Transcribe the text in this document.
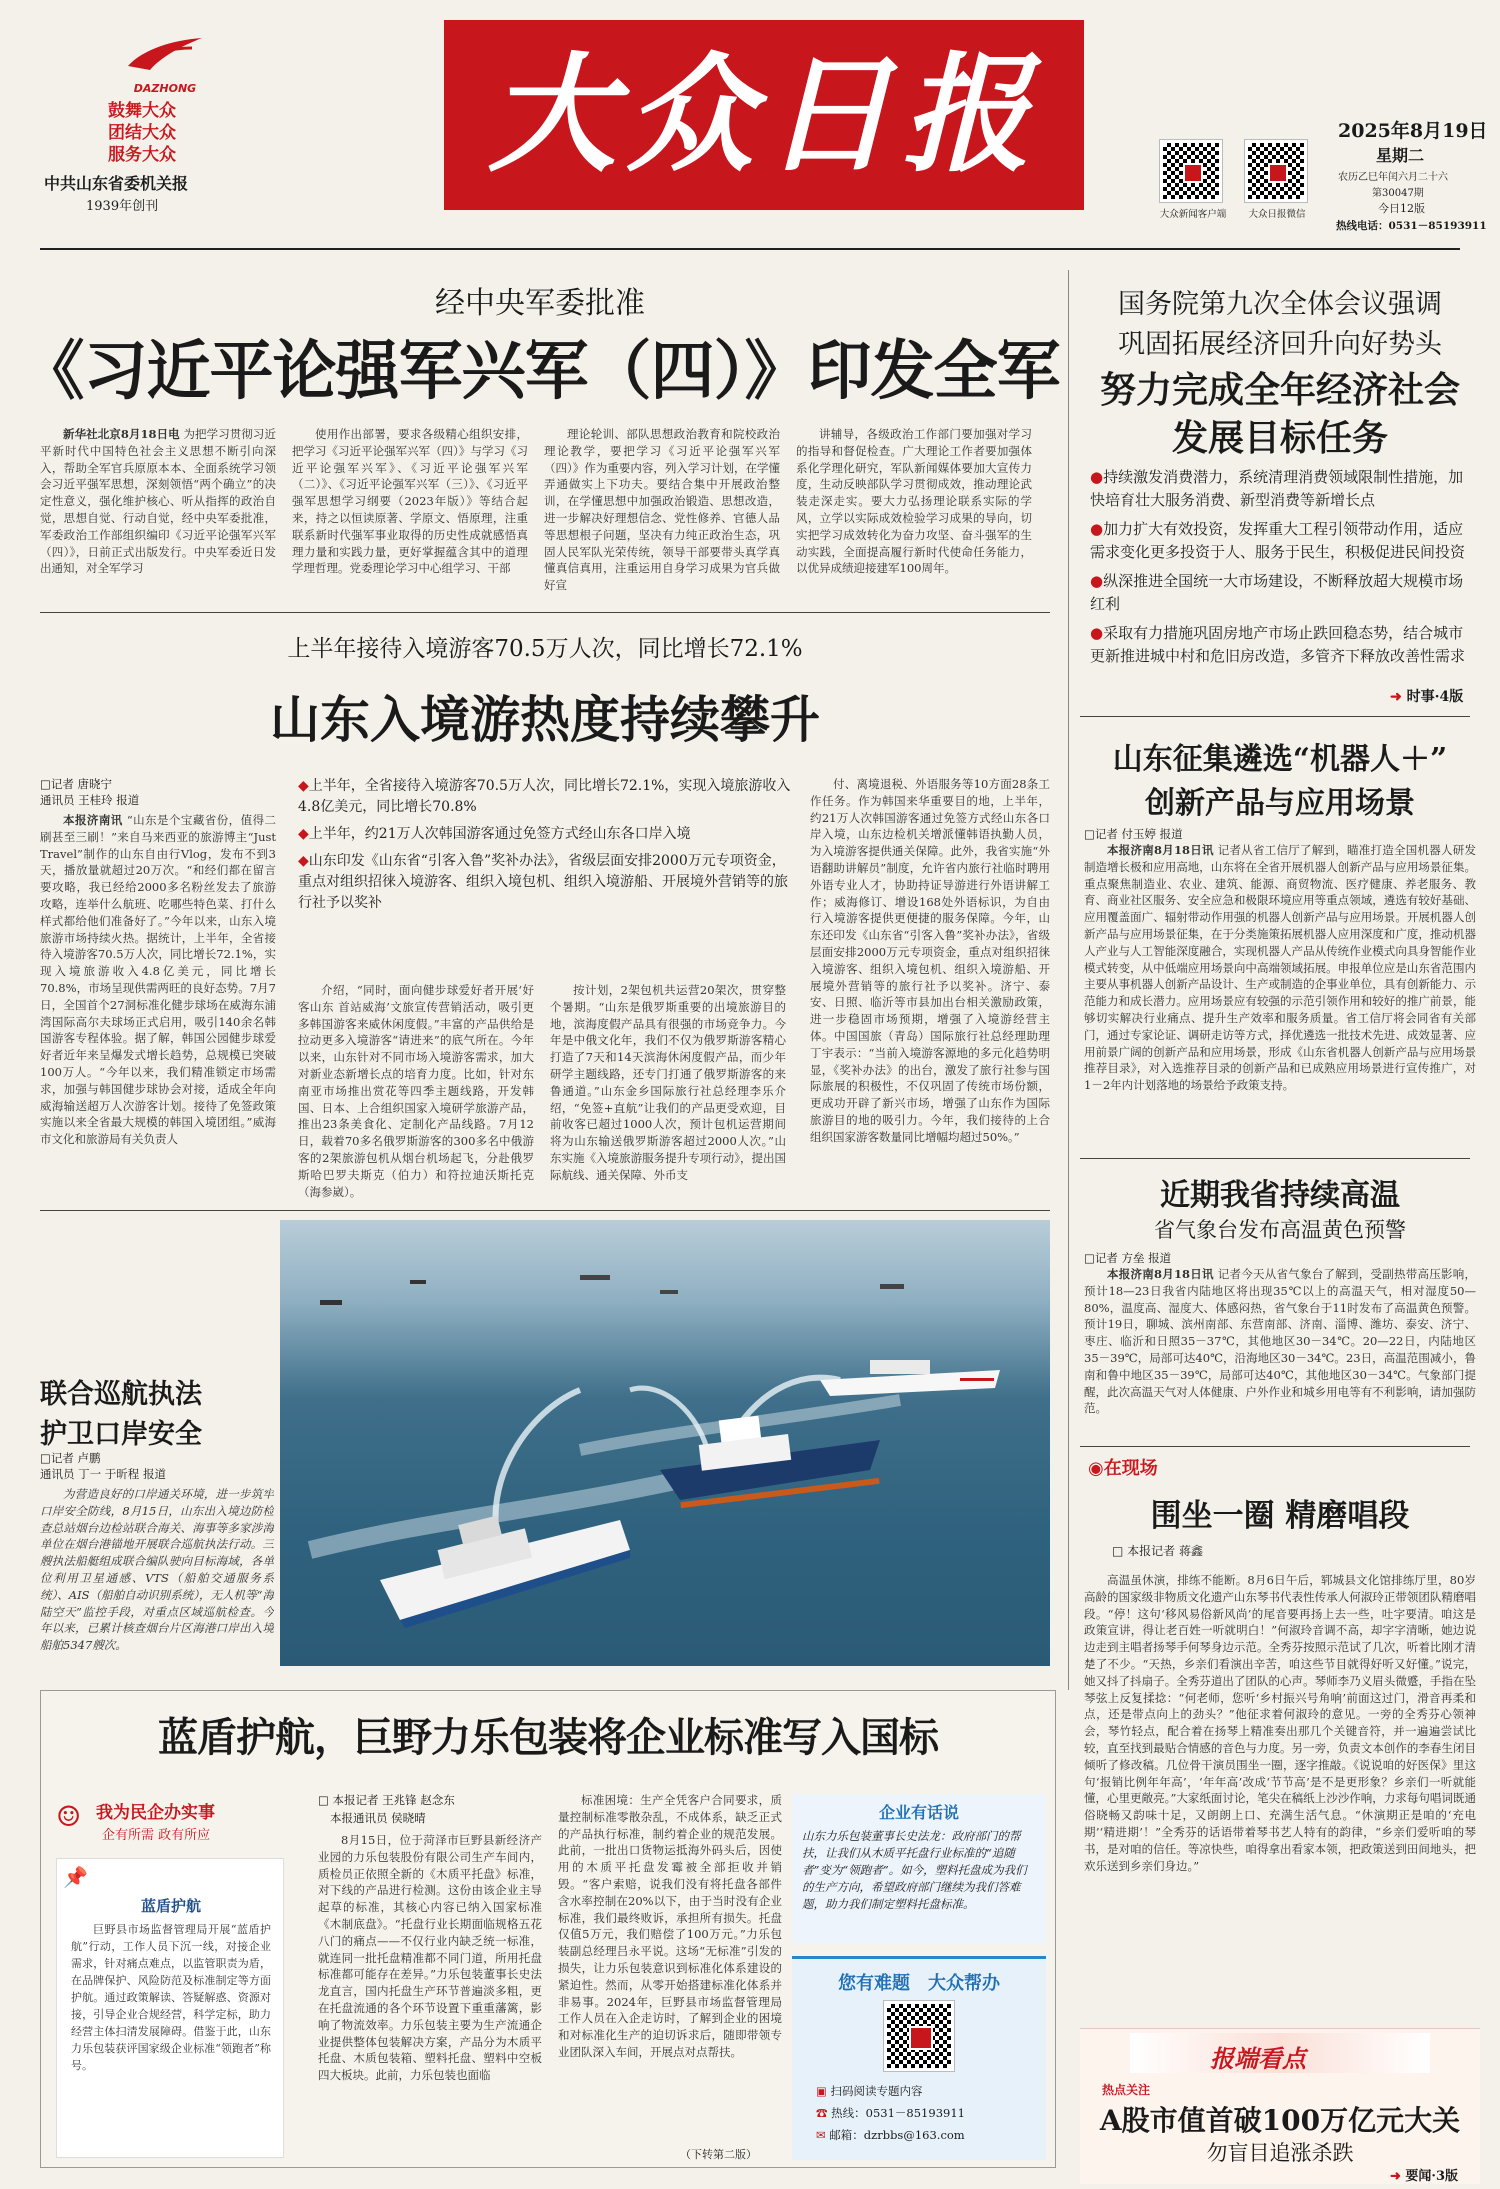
DAZHONG
鼓舞大众
团结大众
服务大众
中共山东省委机关报
1939年创刊
大众日报
大众新闻客户端	大众日报微信
2025年8月19日
星期二
农历乙巳年闰六月二十六
第30047期
今日12版
热线电话：0531－85193911
经中央军委批准
《习近平论强军兴军（四）》印发全军

新华社北京8月18日电 为把学习贯彻习近平新时代中国特色社会主义思想不断引向深入，帮助全军官兵原原本本、全面系统学习领会习近平强军思想，深刻领悟“两个确立”的决定性意义，强化维护核心、听从指挥的政治自觉，思想自觉、行动自觉，经中央军委批准，军委政治工作部组织编印《习近平论强军兴军（四）》，日前正式出版发行。中央军委近日发出通知，对全军学习

使用作出部署，要求各级精心组织安排，把学习《习近平论强军兴军（四）》与学习《习近平论强军兴军》、《习近平论强军兴军（二）》、《习近平论强军兴军（三）》、《习近平强军思想学习纲要（2023年版）》等结合起来，持之以恒读原著、学原文、悟原理，注重联系新时代强军事业取得的历史性成就感悟真理力量和实践力量，更好掌握蕴含其中的道理学理哲理。党委理论学习中心组学习、干部

理论轮训、部队思想政治教育和院校政治理论教学，要把学习《习近平论强军兴军（四）》作为重要内容，列入学习计划，在学懂弄通做实上下功夫。要结合集中开展政治整训，在学懂思想中加强政治锻造、思想改造，进一步解决好理想信念、党性修养、官德人品等思想根子问题，坚决有力纯正政治生态，巩固人民军队光荣传统，领导干部要带头真学真懂真信真用，注重运用自身学习成果为官兵做好宣

讲辅导，各级政治工作部门要加强对学习的指导和督促检查。广大理论工作者要加强体系化学理化研究，军队新闻媒体要加大宣传力度，生动反映部队学习贯彻成效，推动理论武装走深走实。要大力弘扬理论联系实际的学风，立学以实际成效检验学习成果的导向，切实把学习成效转化为奋力攻坚、奋斗强军的生动实践，全面提高履行新时代使命任务能力，以优异成绩迎接建军100周年。

国务院第九次全体会议强调
巩固拓展经济回升向好势头
努力完成全年经济社会
发展目标任务
●持续激发消费潜力，系统清理消费领域限制性措施，加快培育壮大服务消费、新型消费等新增长点
●加力扩大有效投资，发挥重大工程引领带动作用，适应需求变化更多投资于人、服务于民生，积极促进民间投资
●纵深推进全国统一大市场建设，不断释放超大规模市场红利
●采取有力措施巩固房地产市场止跌回稳态势，结合城市更新推进城中村和危旧房改造，多管齐下释放改善性需求
➜ 时事·4版
上半年接待入境游客70.5万人次，同比增长72.1%
山东入境游热度持续攀升
□记者 唐晓宁
通讯员 王桂玲 报道

本报济南讯 “山东是个宝藏省份，值得二刷甚至三刷！”来自马来西亚的旅游博主“Just Travel”制作的山东自由行Vlog，发布不到3天，播放量就超过20万次。“和经们都在留言要攻略，我已经给2000多名粉丝发去了旅游攻略，连举什么航班、吃哪些特色菜、打什么样式都给他们准备好了。”今年以来，山东入境旅游市场持续火热。据统计，上半年，全省接待入境游客70.5万人次，同比增长72.1%，实现入境旅游收入4.8亿美元，同比增长70.8%，市场呈现供需两旺的良好态势。7月7日，全国首个27洞标准化健步球场在威海东浦湾国际高尔夫球场正式启用，吸引140余名韩国游客专程体验。据了解，韩国公园健步球爱好者近年来呈爆发式增长趋势，总规模已突破100万人。“今年以来，我们精准锁定市场需求，加强与韩国健步球协会对接，适成全年向威海输送超万人次游客计划。接待了免签政策实施以来全省最大规模的韩国入境团组。”威海市文化和旅游局有关负责人

◆上半年，全省接待入境游客70.5万人次，同比增长72.1%，实现入境旅游收入4.8亿美元，同比增长70.8%
◆上半年，约21万人次韩国游客通过免签方式经山东各口岸入境
◆山东印发《山东省“引客入鲁”奖补办法》，省级层面安排2000万元专项资金，重点对组织招徕入境游客、组织入境包机、组织入境游船、开展境外营销等的旅行社予以奖补

介绍，“同时，面向健步球爱好者开展‘好客山东 首站威海’文旅宣传营销活动，吸引更多韩国游客来威休闲度假。”丰富的产品供给是拉动更多入境游客“请进来”的底气所在。今年以来，山东针对不同市场入境游客需求，加大对新业态新增长点的培育力度。比如，针对东南亚市场推出赏花等四季主题线路，开发韩国、日本、上合组织国家入境研学旅游产品，推出23条美食化、定制化产品线路。7月12日，载着70多名俄罗斯游客的300多名中俄游客的2架旅游包机从烟台机场起飞，分赴俄罗斯哈巴罗夫斯克（伯力）和符拉迪沃斯托克（海参崴）。

按计划，2架包机共运营20架次，贯穿整个暑期。“山东是俄罗斯重要的出境旅游目的地，滨海度假产品具有很强的市场竞争力。今年是中俄文化年，我们不仅为俄罗斯游客精心打造了7天和14天滨海休闲度假产品，而少年研学主题线路，还专门打通了俄罗斯游客的来鲁通道。”山东金乡国际旅行社总经理李乐介绍，“免签+直航”让我们的产品更受欢迎，目前收客已超过1000人次，预计包机运营期间将为山东输送俄罗斯游客超过2000人次。”山东实施《入境旅游服务提升专项行动》，提出国际航线、通关保障、外币支

付、离境退税、外语服务等10方面28条工作任务。作为韩国来华重要目的地，上半年，约21万人次韩国游客通过免签方式经山东各口岸入境，山东边检机关增派懂韩语执勤人员，为入境游客提供通关保障。此外，我省实施“外语翻助讲解员”制度，允许省内旅行社临时聘用外语专业人才，协助持证导游进行外语讲解工作；威海修订、增设168处外语标识，为自由行入境游客提供更便捷的服务保障。今年，山东还印发《山东省“引客入鲁”奖补办法》，省级层面安排2000万元专项资金，重点对组织招徕入境游客、组织入境包机、组织入境游船、开展境外营销等的旅行社予以奖补。济宁、泰安、日照、临沂等市县加出台相关激励政策，进一步稳固市场预期，增强了入境游经营主体。中国国旅（青岛）国际旅行社总经理助理丁宇表示：“当前入境游客源地的多元化趋势明显，《奖补办法》的出台，激发了旅行社参与国际旅展的积极性，不仅巩固了传统市场份额，更成功开辟了新兴市场，增强了山东作为国际旅游目的地的吸引力。今年，我们接待的上合组织国家游客数量同比增幅均超过50%。”

山东征集遴选“机器人＋”
创新产品与应用场景
□记者 付玉婷 报道

本报济南8月18日讯 记者从省工信厅了解到，瞄准打造全国机器人研发制造增长极和应用高地，山东将在全省开展机器人创新产品与应用场景征集。重点聚焦制造业、农业、建筑、能源、商贸物流、医疗健康、养老服务、教育、商业社区服务、安全应急和极限环境应用等重点领域，遴选有较好基础、应用覆盖面广、辐射带动作用强的机器人创新产品与应用场景。开展机器人创新产品与应用场景征集，在于分类施策拓展机器人应用深度和广度，推动机器人产业与人工智能深度融合，实现机器人产品从传统作业模式向具身智能作业模式转变，从中低端应用场景向中高端领域拓展。申报单位应是山东省范围内主要从事机器人创新产品设计、生产或制造的企事业单位，具有创新能力、示范能力和成长潜力。应用场景应有较强的示范引领作用和较好的推广前景，能够切实解决行业痛点、提升生产效率和服务质量。省工信厅将会同省有关部门，通过专家论证、调研走访等方式，择优遴选一批技术先进、成效显著、应用前景广阔的创新产品和应用场景，形成《山东省机器人创新产品与应用场景推荐目录》，对入选推荐目录的创新产品和已成熟应用场景进行宣传推广，对1－2年内计划落地的场景给予政策支持。

近期我省持续高温
省气象台发布高温黄色预警
□记者 方垒 报道

本报济南8月18日讯 记者今天从省气象台了解到，受副热带高压影响，预计18—23日我省内陆地区将出现35℃以上的高温天气，相对湿度50—80%，温度高、湿度大、体感闷热，省气象台于11时发布了高温黄色预警。预计19日，聊城、滨州南部、东营南部、济南、淄博、潍坊、泰安、济宁、枣庄、临沂和日照35－37℃，其他地区30－34℃。20—22日，内陆地区35－39℃，局部可达40℃，沿海地区30－34℃。23日，高温范围减小，鲁南和鲁中地区35－39℃，局部可达40℃，其他地区30－34℃。气象部门提醒，此次高温天气对人体健康、户外作业和城乡用电等有不利影响，请加强防范。

◉在现场
围坐一圈 精磨唱段
□ 本报记者 蒋鑫

高温虽休演，排练不能断。8月6日午后，郓城县文化馆排练厅里，80岁高龄的国家级非物质文化遗产山东琴书代表性传承人何淑玲正带领团队精磨唱段。“停！这句‘移风易俗新风尚’的尾音要再扬上去一些，吐字要清。咱这是政策宣讲，得让老百姓一听就明白！”何淑玲音调不高，却字字清晰，她边说边走到主唱者扬琴手何琴身边示范。全秀芬按照示范试了几次，听着比刚才清楚了不少。“天热，乡亲们看演出辛苦，咱这些节目就得好听又好懂。”说完，她又抖了抖扇子。全秀芬道出了团队的心声。琴师李乃义眉头微蹙，手指在坠琴弦上反复揉捻：“何老师，您听‘乡村振兴号角响’前面这过门，滑音再柔和点，还是带点向上的劲头？”他征求着何淑玲的意见。一旁的全秀芬心领神会，琴竹轻点，配合着在扬琴上精准奏出那几个关键音符，并一遍遍尝试比较，直至找到最贴合情感的音色与力度。另一旁，负责文本创作的李春生闭目倾听了修改稿。几位骨干演员围坐一圈，逐字推敲。《说说咱的好医保》里这句‘报销比例年年高’，‘年年高’改成‘节节高’是不是更形象？乡亲们一听就能懂，心里更敞亮。”大家纸面讨论，笔尖在稿纸上沙沙作响，力求每句唱词既通俗晓畅又韵味十足，又朗朗上口、充满生活气息。“休演期正是咱的‘充电期’‘精进期’！”全秀芬的话语带着琴书艺人特有的韵律，“乡亲们爱听咱的琴书，是对咱的信任。等凉快些，咱得拿出看家本领，把政策送到田间地头，把欢乐送到乡亲们身边。”

报端看点
热点关注
A股市值首破100万亿元大关
勿盲目追涨杀跌
➜ 要闻·3版
联合巡航执法
护卫口岸安全
□记者 卢鹏
通讯员 丁一 于昕程 报道

为营造良好的口岸通关环境，进一步筑牢口岸安全防线，8月15日，山东出入境边防检查总站烟台边检站联合海关、海事等多家涉海单位在烟台港锚地开展联合巡航执法行动。三艘执法船艇组成联合编队驶向目标海域，各单位利用卫星通感、VTS（船舶交通服务系统）、AIS（船舶自动识别系统），无人机等“海陆空天”监控手段，对重点区域巡航检查。今年以来，已累计核查烟台片区海港口岸出入境船舶5347艘次。

蓝盾护航，巨野力乐包装将企业标准写入国标
☺ 我为民企办实事
企有所需 政有所应
📌
蓝盾护航

巨野县市场监督管理局开展“蓝盾护航”行动，工作人员下沉一线，对接企业需求，针对痛点难点，以监管职责为盾，在品牌保护、风险防范及标准制定等方面护航。通过政策解读、答疑解惑、资源对接，引导企业合规经营，科学定标，助力经营主体扫清发展障碍。借鉴于此，山东力乐包装获评国家级企业标准“领跑者”称号。

□ 本报记者 王兆锋 赵念东
本报通讯员 侯晓晴

8月15日，位于菏泽市巨野县新经济产业园的力乐包装股份有限公司生产车间内，质检员正依照全新的《木质平托盘》标准，对下线的产品进行检测。这份由该企业主导起草的标准，其核心内容已纳入国家标准《木制底盘》。“托盘行业长期面临规格五花八门的痛点——不仅行业内缺乏统一标准，就连同一批托盘精准都不同门道，所用托盘标准都可能存在差异。”力乐包装董事长史法龙直言，国内托盘生产环节普遍淡多粗，更在托盘流通的各个环节设置下重重藩篱，影响了物流效率。力乐包装主要为生产流通企业提供整体包装解决方案，产品分为木质平托盘、木质包装箱、塑料托盘、塑料中空板四大板块。此前，力乐包装也面临

标准困境：生产全凭客户合同要求，质量控制标准零散杂乱，不成体系，缺乏正式的产品执行标准，制约着企业的规范发展。此前，一批出口货物运抵海外码头后，因使用的木质平托盘发霉被全部拒收并销毁。“客户索赔，说我们没有将托盘各部件含水率控制在20%以下，由于当时没有企业标准，我们最终败诉，承担所有损失。托盘仅值5万元，我们赔偿了100万元。”力乐包装副总经理吕永平说。这场“无标准”引发的损失，让力乐包装意识到标准化体系建设的紧迫性。然而，从零开始搭建标准化体系并非易事。2024年，巨野县市场监督管理局工作人员在入企走访时，了解到企业的困境和对标准化生产的迫切诉求后，随即带领专业团队深入车间，开展点对点帮扶。

（下转第二版）
企业有话说
山东力乐包装董事长史法龙：政府部门的帮扶，让我们从木质平托盘行业标准的“追随者”变为“领跑者”。如今，塑料托盘成为我们的生产方向，希望政府部门继续为我们答难题，助力我们制定塑料托盘标准。
您有难题　 大众帮办
▣ 扫码阅读专题内容
☎ 热线：0531－85193911
✉ 邮箱：dzrbbs@163.com
